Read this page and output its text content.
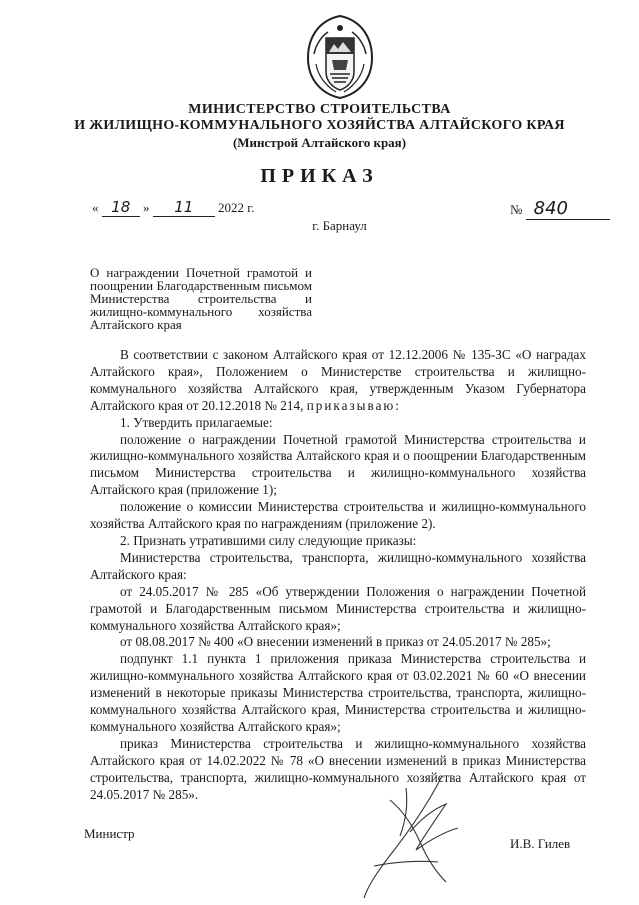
МИНИСТЕРСТВО СТРОИТЕЛЬСТВА
И ЖИЛИЩНО-КОММУНАЛЬНОГО ХОЗЯЙСТВА АЛТАЙСКОГО КРАЯ
(Минстрой Алтайского края)
ПРИКАЗ
« 18 » 11 2022 г.	№ 840
г. Барнаул
О награждении Почетной грамотой и поощрении Благодарственным письмом Министерства строительства и жилищно-коммунального хозяйства Алтайского края

В соответствии с законом Алтайского края от 12.12.2006 № 135-ЗС «О наградах Алтайского края», Положением о Министерстве строительства и жилищно-коммунального хозяйства Алтайского края, утвержденным Указом Губернатора Алтайского края от 20.12.2018 № 214, приказываю:

1. Утвердить прилагаемые:

положение о награждении Почетной грамотой Министерства строительства и жилищно-коммунального хозяйства Алтайского края и о поощрении Благодарственным письмом Министерства строительства и жилищно-коммунального хозяйства Алтайского края (приложение 1);

положение о комиссии Министерства строительства и жилищно-коммунального хозяйства Алтайского края по награждениям (приложение 2).

2. Признать утратившими силу следующие приказы:

Министерства строительства, транспорта, жилищно-коммунального хозяйства Алтайского края:

от 24.05.2017 № 285 «Об утверждении Положения о награждении Почетной грамотой и Благодарственным письмом Министерства строительства и жилищно-коммунального хозяйства Алтайского края»;

от 08.08.2017 № 400 «О внесении изменений в приказ от 24.05.2017 № 285»;

подпункт 1.1 пункта 1 приложения приказа Министерства строительства и жилищно-коммунального хозяйства Алтайского края от 03.02.2021 № 60 «О внесении изменений в некоторые приказы Министерства строительства, транспорта, жилищно-коммунального хозяйства Алтайского края, Министерства строительства и жилищно-коммунального хозяйства Алтайского края»;

приказ Министерства строительства и жилищно-коммунального хозяйства Алтайского края от 14.02.2022 № 78 «О внесении изменений в приказ Министерства строительства, транспорта, жилищно-коммунального хозяйства Алтайского края от 24.05.2017 № 285».

Министр
И.В. Гилев
